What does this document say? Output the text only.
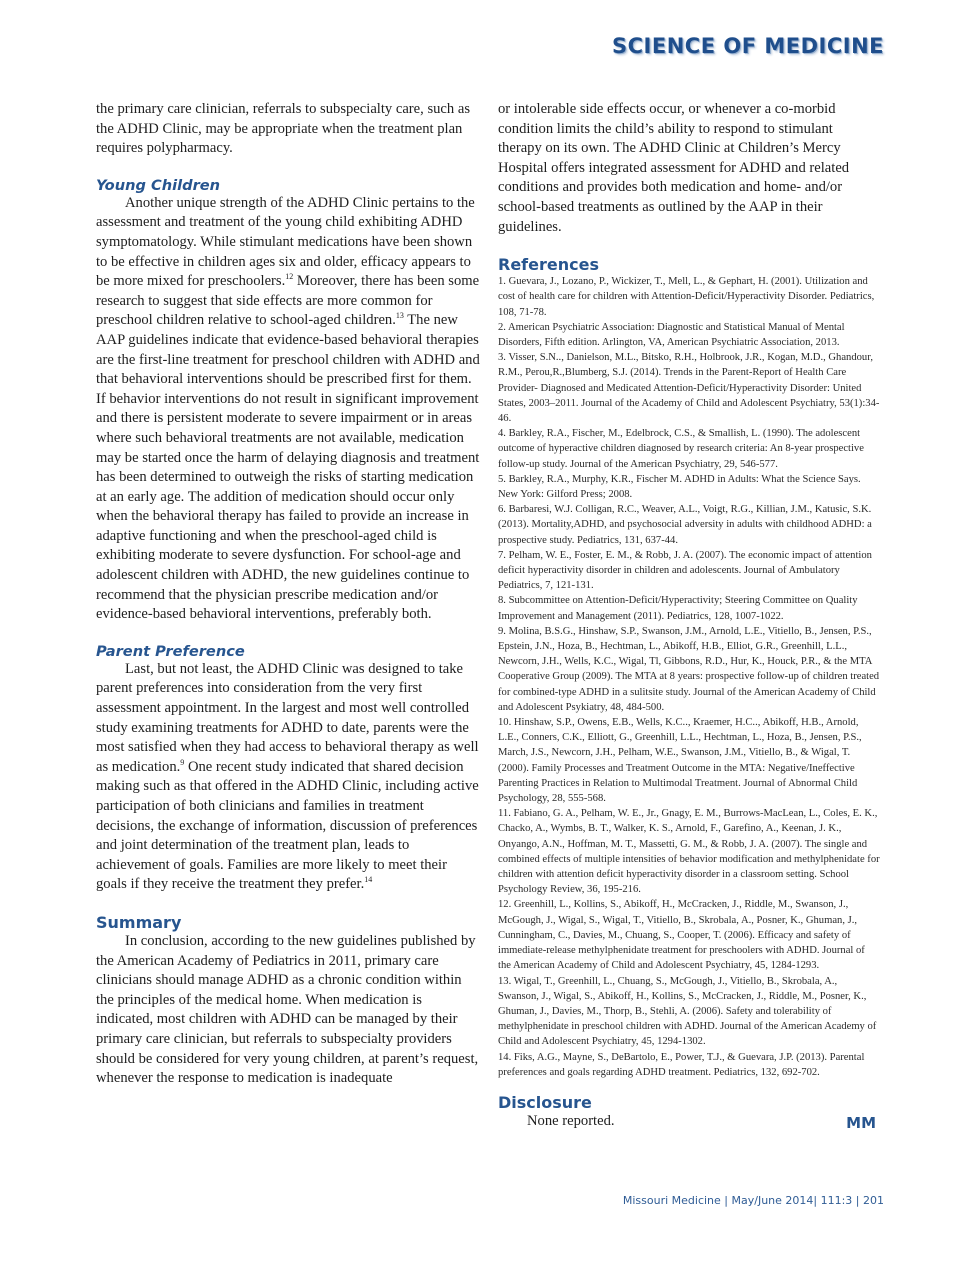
SCIENCE OF MEDICINE

the primary care clinician, referrals to subspecialty care, such as the ADHD Clinic, may be appropriate when the treatment plan requires polypharmacy.

Young Children

Another unique strength of the ADHD Clinic pertains to the assessment and treatment of the young child exhibiting ADHD symptomatology. While stimulant medications have been shown to be effective in children ages six and older, efficacy appears to be more mixed for preschoolers.$^{12}$ Moreover, there has been some research to suggest that side effects are more common for preschool children relative to school-aged children.$^{13}$ The new AAP guidelines indicate that evidence-based behavioral therapies are the first-line treatment for preschool children with ADHD and that behavioral interventions should be prescribed first for them. If behavior interventions do not result in significant improvement and there is persistent moderate to severe impairment or in areas where such behavioral treatments are not available, medication may be started once the harm of delaying diagnosis and treatment has been determined to outweigh the risks of starting medication at an early age. The addition of medication should occur only when the behavioral therapy has failed to provide an increase in adaptive functioning and when the preschool-aged child is exhibiting moderate to severe dysfunction. For school-age and adolescent children with ADHD, the new guidelines continue to recommend that the physician prescribe medication and/or evidence-based behavioral interventions, preferably both.

Parent Preference

Last, but not least, the ADHD Clinic was designed to take parent preferences into consideration from the very first assessment appointment. In the largest and most well controlled study examining treatments for ADHD to date, parents were the most satisfied when they had access to behavioral therapy as well as medication.$^9$ One recent study indicated that shared decision making such as that offered in the ADHD Clinic, including active participation of both clinicians and families in treatment decisions, the exchange of information, discussion of preferences and joint determination of the treatment plan, leads to achievement of goals. Families are more likely to meet their goals if they receive the treatment they prefer.$^{14}$

Summary

In conclusion, according to the new guidelines published by the American Academy of Pediatrics in 2011, primary care clinicians should manage ADHD as a chronic condition within the principles of the medical home. When medication is indicated, most children with ADHD can be managed by their primary care clinician, but referrals to subspecialty providers should be considered for very young children, at parent’s request, whenever the response to medication is inadequate

or intolerable side effects occur, or whenever a co-morbid condition limits the child’s ability to respond to stimulant therapy on its own. The ADHD Clinic at Children’s Mercy Hospital offers integrated assessment for ADHD and related conditions and provides both medication and home- and/or school-based treatments as outlined by the AAP in their guidelines.

References
1. Guevara, J., Lozano, P., Wickizer, T., Mell, L., & Gephart, H. (2001). Utilization and cost of health care for children with Attention-Deficit/Hyperactivity Disorder. Pediatrics, 108, 71-78.
2. American Psychiatric Association: Diagnostic and Statistical Manual of Mental Disorders, Fifth edition. Arlington, VA, American Psychiatric Association, 2013.
3. Visser, S.N.., Danielson, M.L., Bitsko, R.H., Holbrook, J.R., Kogan, M.D., Ghandour, R.M., Perou,R.,Blumberg, S.J. (2014). Trends in the Parent-Report of Health Care Provider- Diagnosed and Medicated Attention-Deficit/Hyperactivity Disorder: United States, 2003–2011. Journal of the Academy of Child and Adolescent Psychiatry, 53(1):34-46.
4. Barkley, R.A., Fischer, M., Edelbrock, C.S., & Smallish, L. (1990). The adolescent outcome of hyperactive children diagnosed by research criteria: An 8-year prospective follow-up study. Journal of the American Psychiatry, 29, 546-577.
5. Barkley, R.A., Murphy, K.R., Fischer M. ADHD in Adults: What the Science Says. New York: Gilford Press; 2008.
6. Barbaresi, W.J. Colligan, R.C., Weaver, A.L., Voigt, R.G., Killian, J.M., Katusic, S.K. (2013). Mortality,ADHD, and psychosocial adversity in adults with childhood ADHD: a prospective study. Pediatrics, 131, 637-44.
7. Pelham, W. E., Foster, E. M., & Robb, J. A. (2007). The economic impact of attention deficit hyperactivity disorder in children and adolescents. Journal of Ambulatory Pediatrics, 7, 121-131.
8. Subcommittee on Attention-Deficit/Hyperactivity; Steering Committee on Quality Improvement and Management (2011). Pediatrics, 128, 1007-1022.
9. Molina, B.S.G., Hinshaw, S.P., Swanson, J.M., Arnold, L.E., Vitiello, B., Jensen, P.S., Epstein, J.N., Hoza, B., Hechtman, L., Abikoff, H.B., Elliot, G.R., Greenhill, L.L., Newcorn, J.H., Wells, K.C., Wigal, Tl, Gibbons, R.D., Hur, K., Houck, P.R., & the MTA Cooperative Group (2009). The MTA at 8 years: prospective follow-up of children treated for combined-type ADHD in a sulitsite study. Journal of the American Academy of Child and Adolescent Psykiatry, 48, 484-500.
10. Hinshaw, S.P., Owens, E.B., Wells, K.C.., Kraemer, H.C.., Abikoff, H.B., Arnold, L.E., Conners, C.K., Elliott, G., Greenhill, L.L., Hechtman, L., Hoza, B., Jensen, P.S., March, J.S., Newcorn, J.H., Pelham, W.E., Swanson, J.M., Vitiello, B., & Wigal, T. (2000). Family Processes and Treatment Outcome in the MTA: Negative/Ineffective Parenting Practices in Relation to Multimodal Treatment. Journal of Abnormal Child Psychology, 28, 555-568.
11. Fabiano, G. A., Pelham, W. E., Jr., Gnagy, E. M., Burrows-MacLean, L., Coles, E. K., Chacko, A., Wymbs, B. T., Walker, K. S., Arnold, F., Garefino, A., Keenan, J. K., Onyango, A.N., Hoffman, M. T., Massetti, G. M., & Robb, J. A. (2007). The single and combined effects of multiple intensities of behavior modification and methylphenidate for children with attention deficit hyperactivity disorder in a classroom setting. School Psychology Review, 36, 195-216.
12. Greenhill, L., Kollins, S., Abikoff, H., McCracken, J., Riddle, M., Swanson, J., McGough, J., Wigal, S., Wigal, T., Vitiello, B., Skrobala, A., Posner, K., Ghuman, J., Cunningham, C., Davies, M., Chuang, S., Cooper, T. (2006). Efficacy and safety of immediate-release methylphenidate treatment for preschoolers with ADHD. Journal of the American Academy of Child and Adolescent Psychiatry, 45, 1284-1293.
13. Wigal, T., Greenhill, L., Chuang, S., McGough, J., Vitiello, B., Skrobala, A., Swanson, J., Wigal, S., Abikoff, H., Kollins, S., McCracken, J., Riddle, M., Posner, K., Ghuman, J., Davies, M., Thorp, B., Stehli, A. (2006). Safety and tolerability of methylphenidate in preschool children with ADHD. Journal of the American Academy of Child and Adolescent Psychiatry, 45, 1294-1302.
14. Fiks, A.G., Mayne, S., DeBartolo, E., Power, T.J., & Guevara, J.P. (2013). Parental preferences and goals regarding ADHD treatment. Pediatrics, 132, 692-702.
Disclosure

None reported.	MM
Missouri Medicine | May/June 2014| 111:3 | 201
